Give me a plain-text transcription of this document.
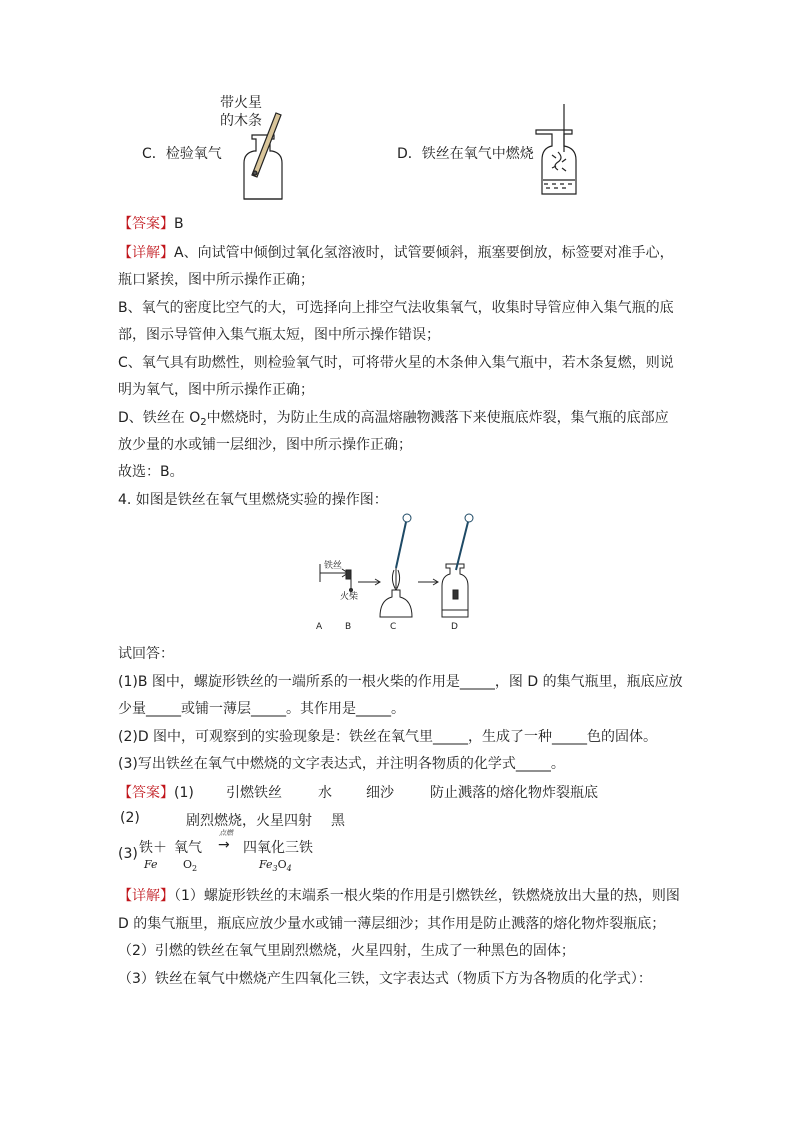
带火星
的木条
C．检验氧气	D．铁丝在氧气中燃烧
【答案】B
【详解】A、向试管中倾倒过氧化氢溶液时，试管要倾斜，瓶塞要倒放，标签要对准手心，
瓶口紧挨，图中所示操作正确；
B、氧气的密度比空气的大，可选择向上排空气法收集氧气，收集时导管应伸入集气瓶的底
部，图示导管伸入集气瓶太短，图中所示操作错误；
C、氧气具有助燃性，则检验氧气时，可将带火星的木条伸入集气瓶中，若木条复燃，则说
明为氧气，图中所示操作正确；
D、铁丝在 $O_2$中燃烧时，为防止生成的高温熔融物溅落下来使瓶底炸裂，集气瓶的底部应
放少量的水或铺一层细沙，图中所示操作正确；
故选：B。
4. 如图是铁丝在氧气里燃烧实验的操作图：
铁丝
火柴
A	B	C	D
试回答：
(1)B 图中，螺旋形铁丝的一端所系的一根火柴的作用是_____，图 D 的集气瓶里，瓶底应放
少量_____或铺一薄层_____。其作用是_____。
(2)D 图中，可观察到的实验现象是：铁丝在氧气里_____，生成了一种_____色的固体。
(3)写出铁丝在氧气中燃烧的文字表达式，并注明各物质的化学式_____。
【答案】(1) 引燃铁丝	水 细沙	防止溅落的熔化物炸裂瓶底
(2)	剧烈燃烧，火星四射 黑
(3) 铁＋ 氧气
点燃
→ 四氧化三铁
Fe $O_2$	$Fe_3O_4$
【详解】（1）螺旋形铁丝的末端系一根火柴的作用是引燃铁丝，铁燃烧放出大量的热，则图
D 的集气瓶里，瓶底应放少量水或铺一薄层细沙；其作用是防止溅落的熔化物炸裂瓶底；
（2）引燃的铁丝在氧气里剧烈燃烧，火星四射，生成了一种黑色的固体；
（3）铁丝在氧气中燃烧产生四氧化三铁，文字表达式（物质下方为各物质的化学式）：
